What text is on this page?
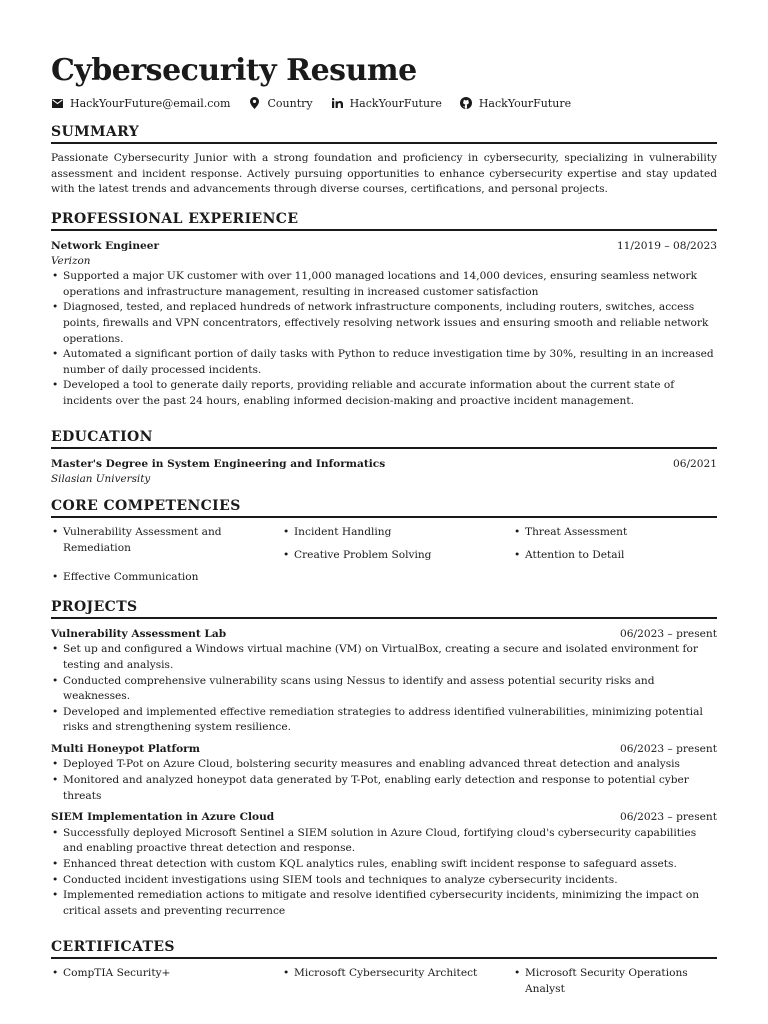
Cybersecurity Resume
HackYourFuture@email.com	Country	HackYourFuture	HackYourFuture
SUMMARY

Passionate Cybersecurity Junior with a strong foundation and proficiency in cybersecurity, specializing in vulnerability assessment and incident response. Actively pursuing opportunities to enhance cybersecurity expertise and stay updated with the latest trends and advancements through diverse courses, certifications, and personal projects.

PROFESSIONAL EXPERIENCE
Network Engineer	11/2019 – 08/2023
Verizon
• Supported a major UK customer with over 11,000 managed locations and 14,000 devices, ensuring seamless network operations and infrastructure management, resulting in increased customer satisfaction
• Diagnosed, tested, and replaced hundreds of network infrastructure components, including routers, switches, access points, firewalls and VPN concentrators, effectively resolving network issues and ensuring smooth and reliable network operations.
• Automated a significant portion of daily tasks with Python to reduce investigation time by 30%, resulting in an increased number of daily processed incidents.
• Developed a tool to generate daily reports, providing reliable and accurate information about the current state of incidents over the past 24 hours, enabling informed decision-making and proactive incident management.
EDUCATION
Master's Degree in System Engineering and Informatics	06/2021
Silasian University
CORE COMPETENCIES
• Vulnerability Assessment and Remediation
• Incident Handling
• Creative Problem Solving
• Threat Assessment
• Attention to Detail
• Effective Communication
PROJECTS
Vulnerability Assessment Lab	06/2023 – present
• Set up and configured a Windows virtual machine (VM) on VirtualBox, creating a secure and isolated environment for testing and analysis.
• Conducted comprehensive vulnerability scans using Nessus to identify and assess potential security risks and weaknesses.
• Developed and implemented effective remediation strategies to address identified vulnerabilities, minimizing potential risks and strengthening system resilience.
Multi Honeypot Platform	06/2023 – present
• Deployed T-Pot on Azure Cloud, bolstering security measures and enabling advanced threat detection and analysis
• Monitored and analyzed honeypot data generated by T-Pot, enabling early detection and response to potential cyber threats
SIEM Implementation in Azure Cloud	06/2023 – present
• Successfully deployed Microsoft Sentinel a SIEM solution in Azure Cloud, fortifying cloud's cybersecurity capabilities and enabling proactive threat detection and response.
• Enhanced threat detection with custom KQL analytics rules, enabling swift incident response to safeguard assets.
• Conducted incident investigations using SIEM tools and techniques to analyze cybersecurity incidents.
• Implemented remediation actions to mitigate and resolve identified cybersecurity incidents, minimizing the impact on critical assets and preventing recurrence
CERTIFICATES
• CompTIA Security+	• Microsoft Cybersecurity Architect	• Microsoft Security Operations Analyst
